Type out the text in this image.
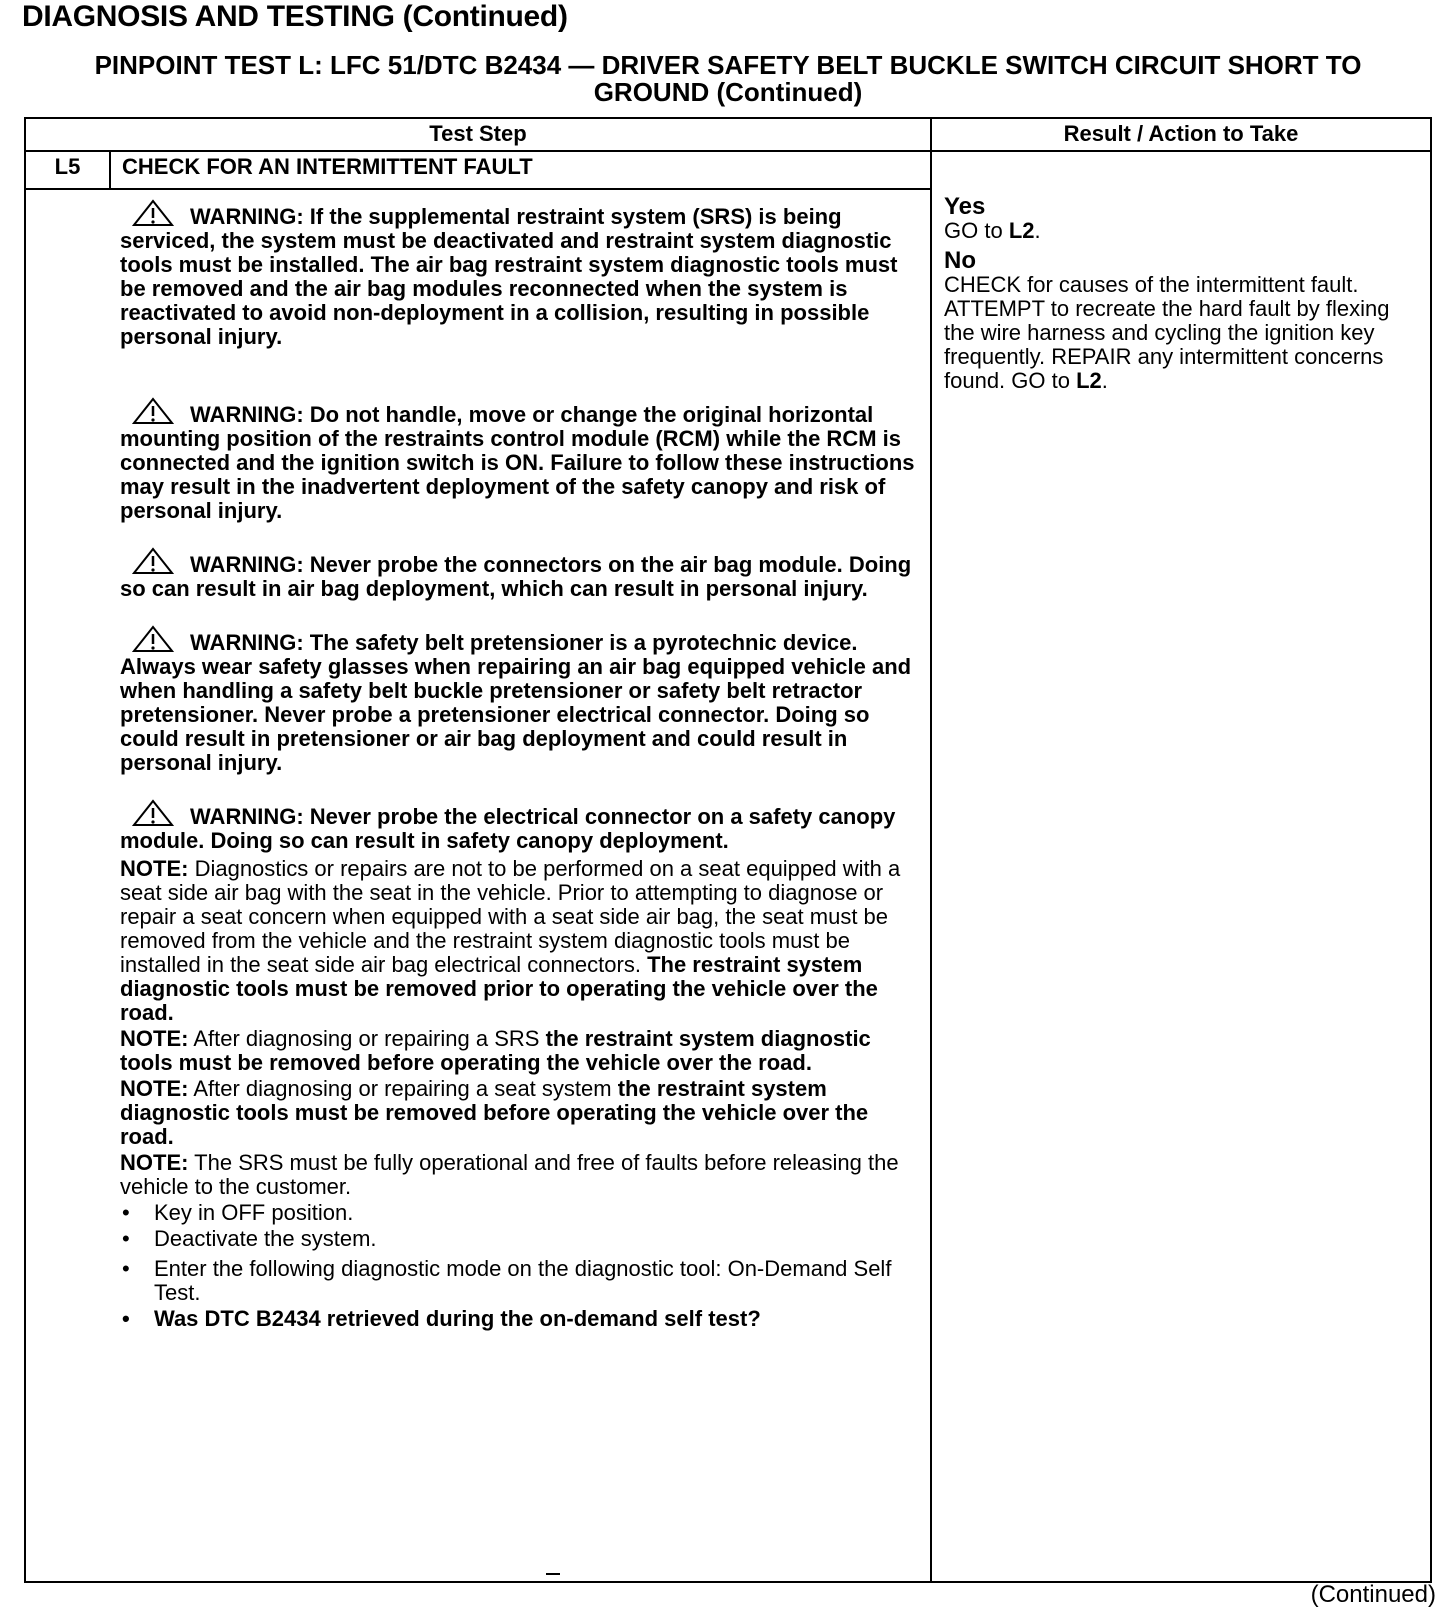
DIAGNOSIS AND TESTING (Continued)
PINPOINT TEST L: LFC 51/DTC B2434 — DRIVER SAFETY BELT BUCKLE SWITCH CIRCUIT SHORT TO
GROUND (Continued)
Test Step	Result / Action to Take
L5	CHECK FOR AN INTERMITTENT FAULT
WARNING: If the supplemental restraint system (SRS) is being serviced, the system must be deactivated and restraint system diagnostic tools must be installed. The air bag restraint system diagnostic tools must be removed and the air bag modules reconnected when the system is reactivated to avoid non-deployment in a collision, resulting in possible personal injury.
WARNING: Do not handle, move or change the original horizontal mounting position of the restraints control module (RCM) while the RCM is connected and the ignition switch is ON. Failure to follow these instructions may result in the inadvertent deployment of the safety canopy and risk of personal injury.
WARNING: Never probe the connectors on the air bag module. Doing so can result in air bag deployment, which can result in personal injury.
WARNING: The safety belt pretensioner is a pyrotechnic device. Always wear safety glasses when repairing an air bag equipped vehicle and when handling a safety belt buckle pretensioner or safety belt retractor pretensioner. Never probe a pretensioner electrical connector. Doing so could result in pretensioner or air bag deployment and could result in personal injury.
WARNING: Never probe the electrical connector on a safety canopy module. Doing so can result in safety canopy deployment.
NOTE: Diagnostics or repairs are not to be performed on a seat equipped with a seat side air bag with the seat in the vehicle. Prior to attempting to diagnose or repair a seat concern when equipped with a seat side air bag, the seat must be removed from the vehicle and the restraint system diagnostic tools must be installed in the seat side air bag electrical connectors. The restraint system diagnostic tools must be removed prior to operating the vehicle over the road.
NOTE: After diagnosing or repairing a SRS the restraint system diagnostic tools must be removed before operating the vehicle over the road.
NOTE: After diagnosing or repairing a seat system the restraint system diagnostic tools must be removed before operating the vehicle over the road.
NOTE: The SRS must be fully operational and free of faults before releasing the vehicle to the customer.
• Key in OFF position.
• Deactivate the system.
• Enter the following diagnostic mode on the diagnostic tool: On-Demand Self Test.
• Was DTC B2434 retrieved during the on-demand self test?
Yes
GO to L2.
No
CHECK for causes of the intermittent fault. ATTEMPT to recreate the hard fault by flexing the wire harness and cycling the ignition key frequently. REPAIR any intermittent concerns found. GO to L2.
(Continued)
